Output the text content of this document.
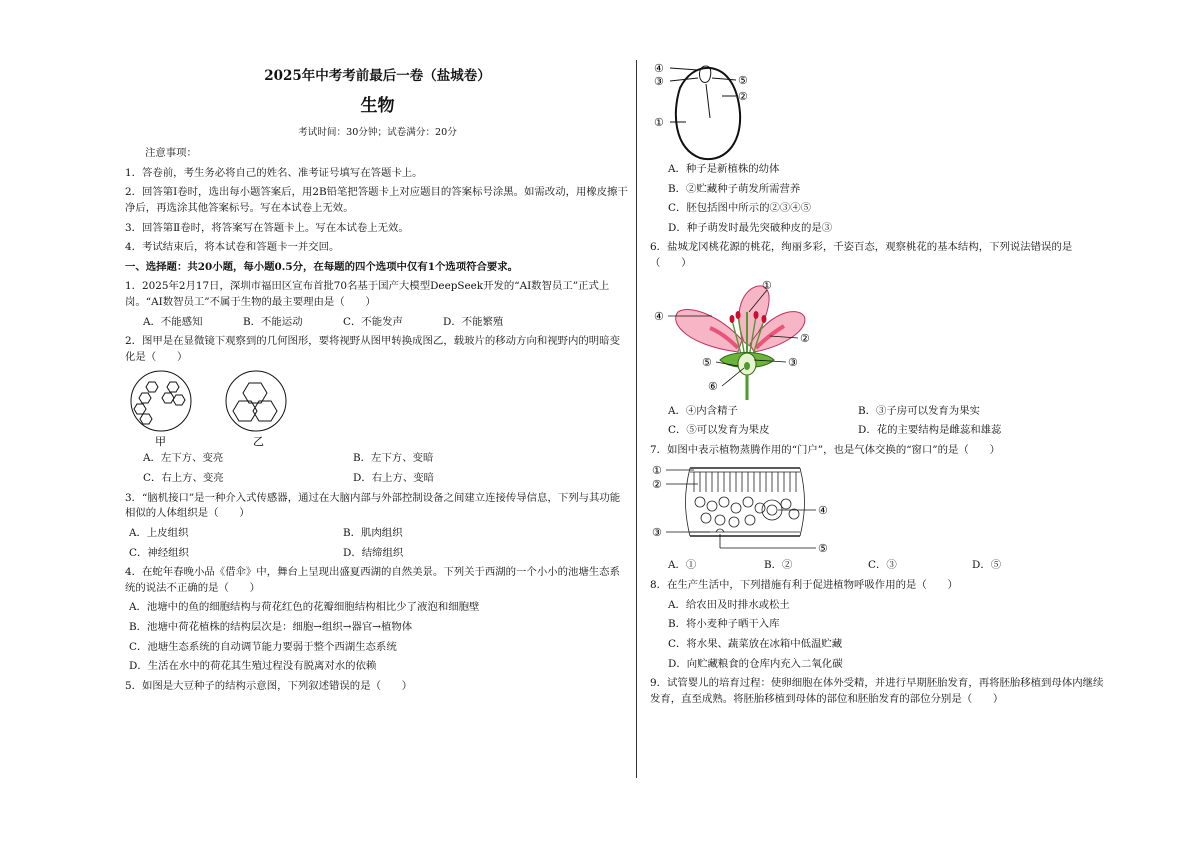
2025年中考考前最后一卷（盐城卷）
生物
考试时间：30分钟；试卷满分：20分

注意事项：

1．答卷前，考生务必将自己的姓名、准考证号填写在答题卡上。

2．回答第Ⅰ卷时，选出每小题答案后，用2B铅笔把答题卡上对应题目的答案标号涂黑。如需改动，用橡皮擦干净后，再选涂其他答案标号。写在本试卷上无效。

3．回答第Ⅱ卷时，将答案写在答题卡上。写在本试卷上无效。

4．考试结束后，将本试卷和答题卡一并交回。

一、选择题：共20小题，每小题0.5分，在每题的四个选项中仅有1个选项符合要求。

1．2025年2月17日，深圳市福田区宣布首批70名基于国产大模型DeepSeek开发的“AI数智员工”正式上岗。“AI数智员工”不属于生物的最主要理由是（　　）

A．不能感知	B．不能运动	C．不能发声	D．不能繁殖

2．图甲是在显微镜下观察到的几何图形，要将视野从图甲转换成图乙，载玻片的移动方向和视野内的明暗变化是（　　）

甲	乙
A．左下方、变亮	B．左下方、变暗
C．右上方、变亮	D．右上方、变暗

3．“脑机接口”是一种介入式传感器，通过在大脑内部与外部控制设备之间建立连接传导信息，下列与其功能相似的人体组织是（　　）

A．上皮组织	B．肌肉组织
C．神经组织	D．结缔组织

4．在蛇年春晚小品《借伞》中，舞台上呈现出盛夏西湖的自然美景。下列关于西湖的一个小小的池塘生态系统的说法不正确的是（　　）

A．池塘中的鱼的细胞结构与荷花红色的花瓣细胞结构相比少了液泡和细胞壁
B．池塘中荷花植株的结构层次是：细胞→组织→器官→植物体
C．池塘生态系统的自动调节能力要弱于整个西湖生态系统
D．生活在水中的荷花其生殖过程没有脱离对水的依赖

5．如图是大豆种子的结构示意图，下列叙述错误的是（　　）

④
③	⑤
②
①
A．种子是新植株的幼体
B．②贮藏种子萌发所需营养
C．胚包括图中所示的②③④⑤
D．种子萌发时最先突破种皮的是③

6．盐城龙冈桃花源的桃花，绚丽多彩，千姿百态，观察桃花的基本结构，下列说法错误的是（　　）

①
②
③
④
⑤
⑥
A．④内含精子	B．③子房可以发育为果实
C．⑤可以发育为果皮	D．花的主要结构是雌蕊和雄蕊

7．如图中表示植物蒸腾作用的“门户”，也是气体交换的“窗口”的是（　　）

①
②
③
④
⑤
A．①	B．②	C．③	D．⑤

8．在生产生活中，下列措施有利于促进植物呼吸作用的是（　　）

A．给农田及时排水或松土
B．将小麦种子晒干入库
C．将水果、蔬菜放在冰箱中低温贮藏
D．向贮藏粮食的仓库内充入二氧化碳

9．试管婴儿的培育过程：使卵细胞在体外受精，并进行早期胚胎发育，再将胚胎移植到母体内继续发育，直至成熟。将胚胎移植到母体的部位和胚胎发育的部位分别是（　　）
